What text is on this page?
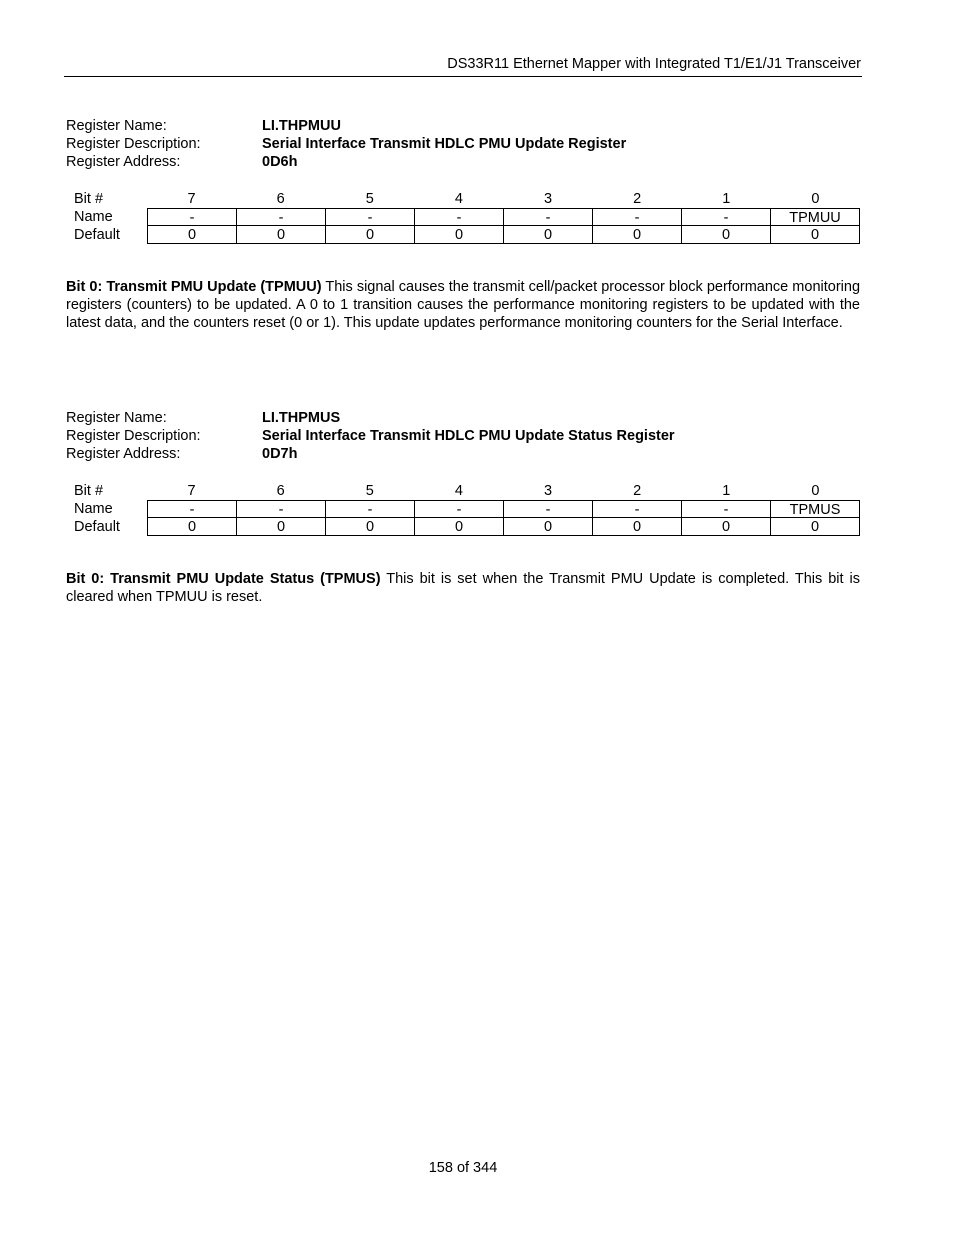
DS33R11 Ethernet Mapper with Integrated T1/E1/J1 Transceiver
Register Name:	LI.THPMUU
Register Description:	Serial Interface Transmit HDLC PMU Update Register
Register Address:	0D6h
Bit #	7	6	5	4	3	2	1	0
Name	-	-	-	-	-	-	-	TPMUU
Default	0	0	0	0	0	0	0	0

Bit 0: Transmit PMU Update (TPMUU) This signal causes the transmit cell/packet processor block performance monitoring registers (counters) to be updated. A 0 to 1 transition causes the performance monitoring registers to be updated with the latest data, and the counters reset (0 or 1). This update updates performance monitoring counters for the Serial Interface.

Register Name:	LI.THPMUS
Register Description:	Serial Interface Transmit HDLC PMU Update Status Register
Register Address:	0D7h
Bit #	7	6	5	4	3	2	1	0
Name	-	-	-	-	-	-	-	TPMUS
Default	0	0	0	0	0	0	0	0

Bit 0: Transmit PMU Update Status (TPMUS) This bit is set when the Transmit PMU Update is completed. This bit is cleared when TPMUU is reset.

158 of 344
